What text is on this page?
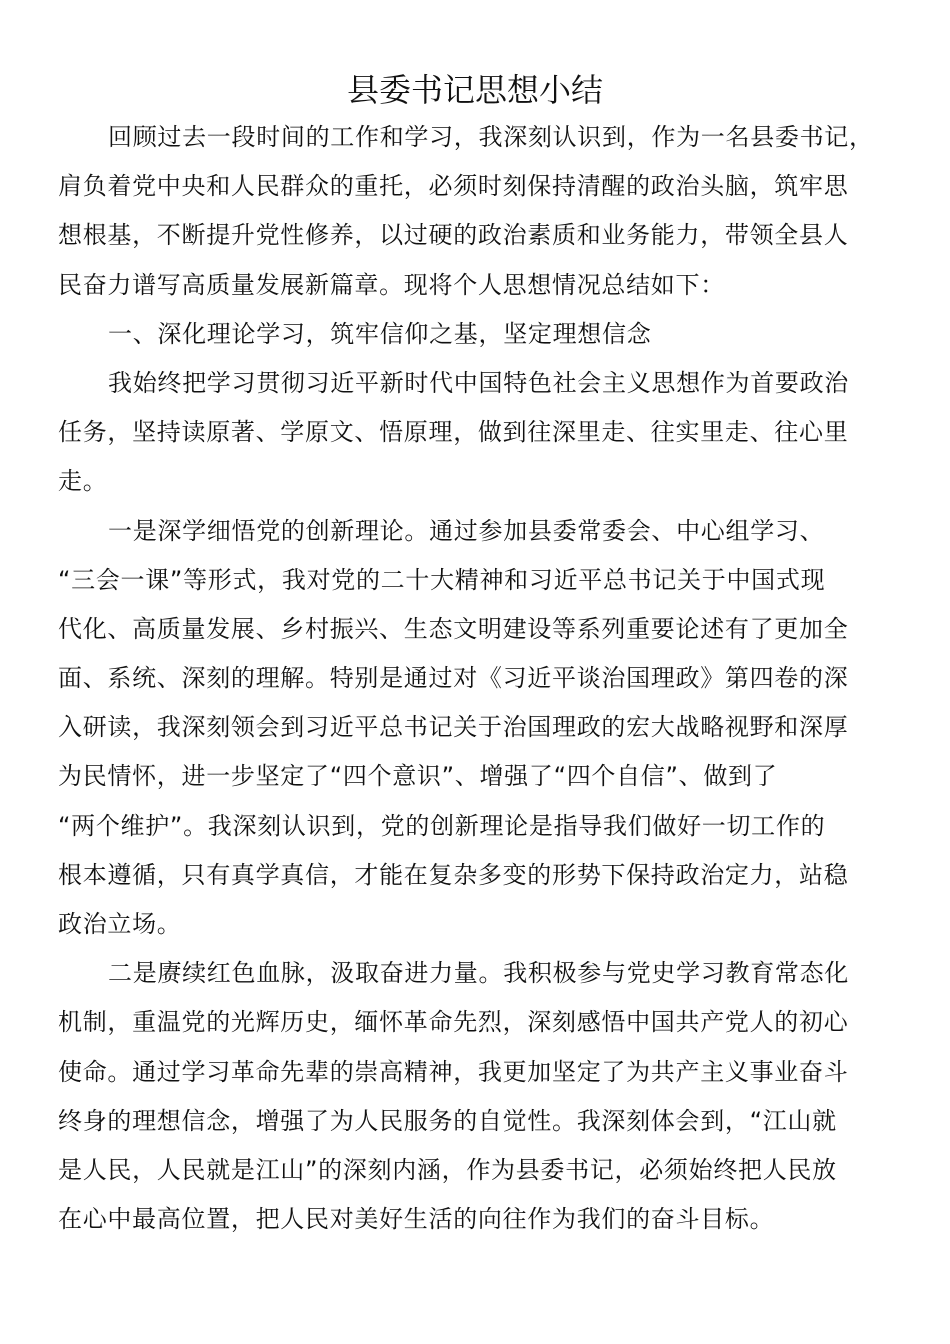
县委书记思想小结
回顾过去一段时间的工作和学习，我深刻认识到，作为一名县委书记，
肩负着党中央和人民群众的重托，必须时刻保持清醒的政治头脑，筑牢思
想根基，不断提升党性修养，以过硬的政治素质和业务能力，带领全县人
民奋力谱写高质量发展新篇章。现将个人思想情况总结如下：
一、深化理论学习，筑牢信仰之基，坚定理想信念
我始终把学习贯彻习近平新时代中国特色社会主义思想作为首要政治
任务，坚持读原著、学原文、悟原理，做到往深里走、往实里走、往心里
走。
一是深学细悟党的创新理论。通过参加县委常委会、中心组学习、
“三会一课”等形式，我对党的二十大精神和习近平总书记关于中国式现
代化、高质量发展、乡村振兴、生态文明建设等系列重要论述有了更加全
面、系统、深刻的理解。特别是通过对《习近平谈治国理政》第四卷的深
入研读，我深刻领会到习近平总书记关于治国理政的宏大战略视野和深厚
为民情怀，进一步坚定了“四个意识”、增强了“四个自信”、做到了
“两个维护”。我深刻认识到，党的创新理论是指导我们做好一切工作的
根本遵循，只有真学真信，才能在复杂多变的形势下保持政治定力，站稳
政治立场。
二是赓续红色血脉，汲取奋进力量。我积极参与党史学习教育常态化
机制，重温党的光辉历史，缅怀革命先烈，深刻感悟中国共产党人的初心
使命。通过学习革命先辈的崇高精神，我更加坚定了为共产主义事业奋斗
终身的理想信念，增强了为人民服务的自觉性。我深刻体会到，“江山就
是人民，人民就是江山”的深刻内涵，作为县委书记，必须始终把人民放
在心中最高位置，把人民对美好生活的向往作为我们的奋斗目标。
